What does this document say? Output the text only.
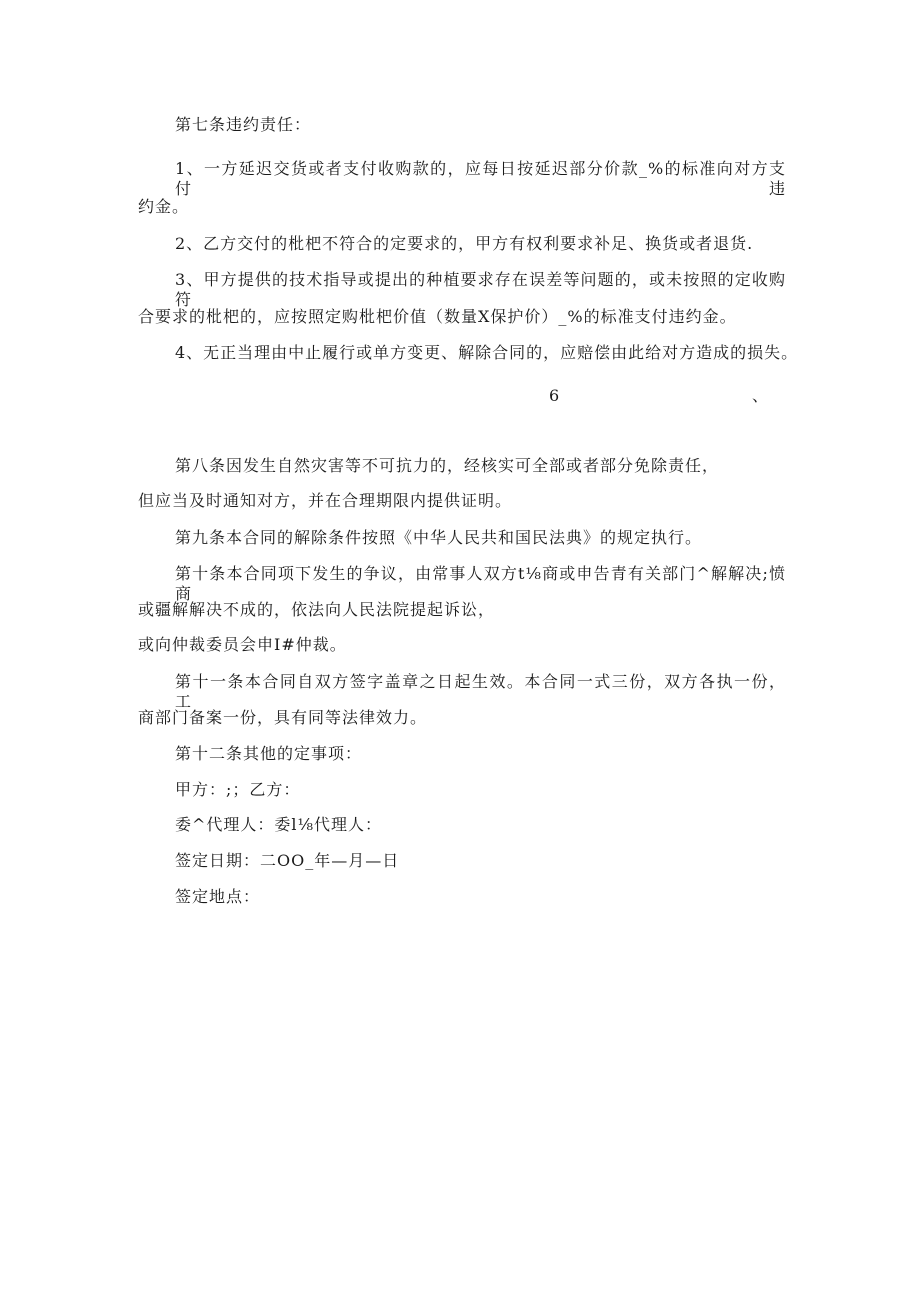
第七条违约责任：
1、一方延迟交货或者支付收购款的，应每日按延迟部分价款_%的标准向对方支付违
约金。
2、乙方交付的枇杷不符合的定要求的，甲方有权利要求补足、换货或者退货.
3、甲方提供的技术指导或提出的种植要求存在误差等问题的，或未按照的定收购符
合要求的枇杷的，应按照定购枇杷价值（数量X保护价）_%的标准支付违约金。
4、无正当理由中止履行或单方变更、解除合同的，应赔偿由此给对方造成的损失。
6	、
第八条因发生自然灾害等不可抗力的，经核实可全部或者部分免除责任，
但应当及时通知对方，并在合理期限内提供证明。
第九条本合同的解除条件按照《中华人民共和国民法典》的规定执行。
第十条本合同项下发生的争议，由常事人双方t⅛商或申告青有关部门^解解决;愤商
或疆解解决不成的，依法向人民法院提起诉讼，
或向仲裁委员会申I#仲裁。
第十一条本合同自双方签字盖章之日起生效。本合同一式三份，双方各执一份，工
商部门备案一份，具有同等法律效力。
第十二条其他的定事项：
甲方：;；乙方：
委^代理人：委l⅛代理人：
签定日期：二OO_年—月—日
签定地点：
